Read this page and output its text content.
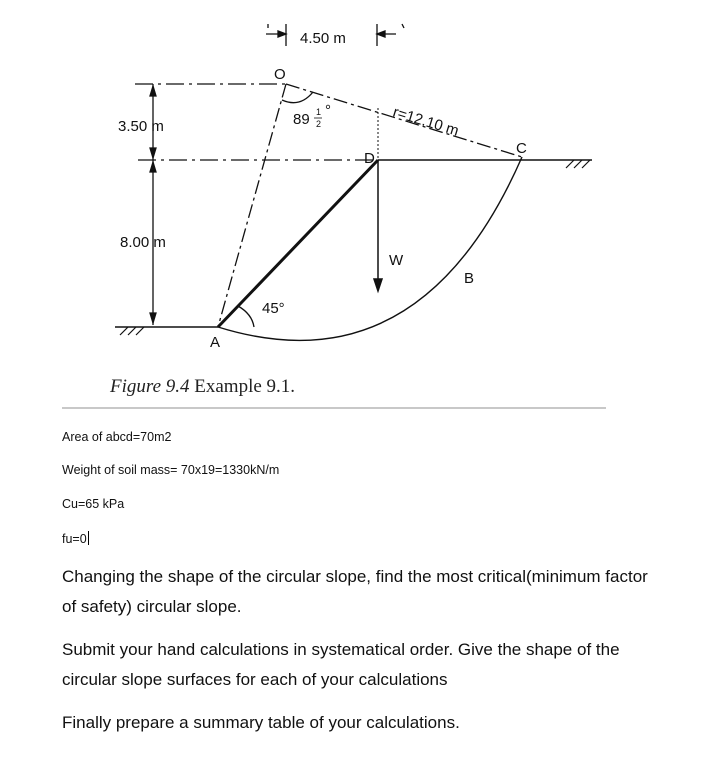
4.50 m
3.50 m
8.00 m
O
D
C
B
A
W
r=12.10 m
89 1
2
°
45°
Figure 9.4 Example 9.1.
Area of abcd=70m2
Weight of soil mass= 70x19=1330kN/m
Cu=65 kPa
fu=0
Changing the shape of the circular slope, find the most critical(minimum factor of safety) circular slope.
Submit your hand calculations in systematical order. Give the shape of the circular slope surfaces for each of your calculations
Finally prepare a summary table of your calculations.
